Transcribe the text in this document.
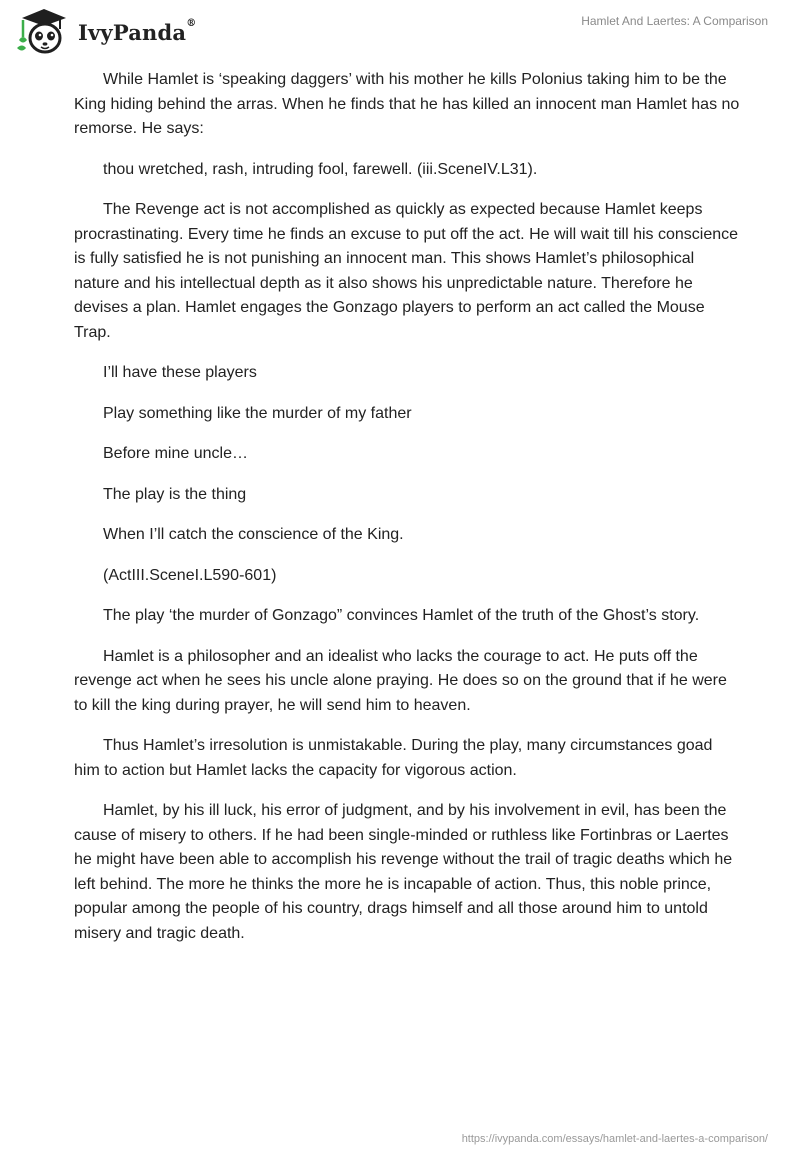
IvyPanda®	Hamlet And Laertes: A Comparison

While Hamlet is ‘speaking daggers’ with his mother he kills Polonius taking him to be the King hiding behind the arras. When he finds that he has killed an innocent man Hamlet has no remorse. He says:

thou wretched, rash, intruding fool, farewell. (iii.SceneIV.L31).

The Revenge act is not accomplished as quickly as expected because Hamlet keeps procrastinating. Every time he finds an excuse to put off the act. He will wait till his conscience is fully satisfied he is not punishing an innocent man. This shows Hamlet’s philosophical nature and his intellectual depth as it also shows his unpredictable nature. Therefore he devises a plan. Hamlet engages the Gonzago players to perform an act called the Mouse Trap.

I’ll have these players

Play something like the murder of my father

Before mine uncle…

The play is the thing

When I’ll catch the conscience of the King.

(ActIII.SceneI.L590-601)

The play ‘the murder of Gonzago” convinces Hamlet of the truth of the Ghost’s story.

Hamlet is a philosopher and an idealist who lacks the courage to act. He puts off the revenge act when he sees his uncle alone praying. He does so on the ground that if he were to kill the king during prayer, he will send him to heaven.

Thus Hamlet’s irresolution is unmistakable. During the play, many circumstances goad him to action but Hamlet lacks the capacity for vigorous action.

Hamlet, by his ill luck, his error of judgment, and by his involvement in evil, has been the cause of misery to others. If he had been single-minded or ruthless like Fortinbras or Laertes he might have been able to accomplish his revenge without the trail of tragic deaths which he left behind. The more he thinks the more he is incapable of action. Thus, this noble prince, popular among the people of his country, drags himself and all those around him to untold misery and tragic death.

https://ivypanda.com/essays/hamlet-and-laertes-a-comparison/
